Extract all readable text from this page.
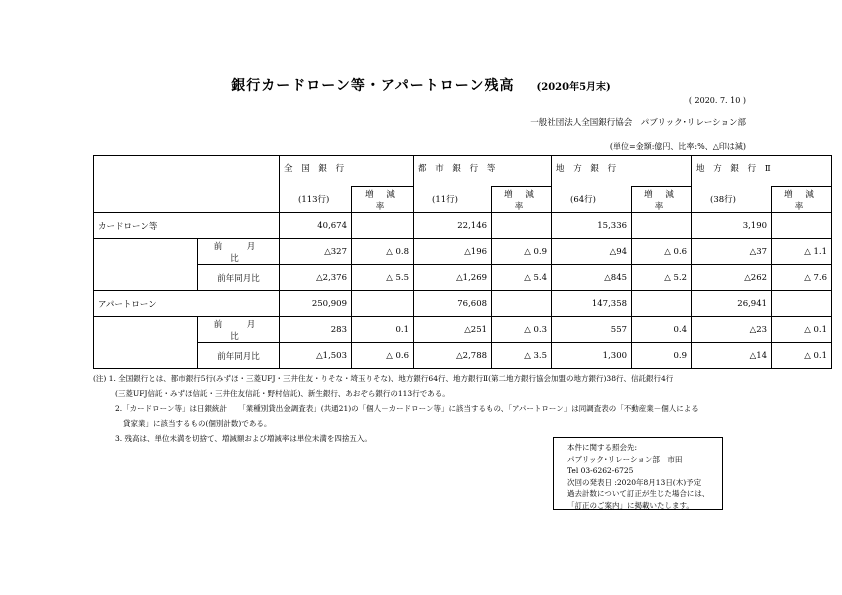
銀行カードローン等・アパートローン残高 (2020年5月末)
( 2020. 7. 10 )
一般社団法人全国銀行協会　パブリック･リレーション部
(単位=金額:億円、比率:%、△印は減)
		全 国 銀 行		都 市 銀 行 等		地 方 銀 行		地 方 銀 行 Ⅱ	
		(113行)	増 減 率	(11行)	増 減 率	(64行)	増 減 率	(38行)	増 減 率
カードローン等		40,674		22,146		15,336		3,190	
	前　月　比	△327	△ 0.8	△196	△ 0.9	△94	△ 0.6	△37	△ 1.1
	前年同月比	△2,376	△ 5.5	△1,269	△ 5.4	△845	△ 5.2	△262	△ 7.6
アパートローン		250,909		76,608		147,358		26,941	
	前　月　比	283	0.1	△251	△ 0.3	557	0.4	△23	△ 0.1
	前年同月比	△1,503	△ 0.6	△2,788	△ 3.5	1,300	0.9	△14	△ 0.1

(注) 1. 全国銀行とは、都市銀行5行(みずほ・三菱UFJ・三井住友・りそな・埼玉りそな)、地方銀行64行、地方銀行Ⅱ(第二地方銀行協会加盟の地方銀行)38行、信託銀行4行

(三菱UFJ信託・みずほ信託・三井住友信託・野村信託)、新生銀行、あおぞら銀行の113行である。

2.「カードローン等」は日銀統計　　「業種別貸出金調査表」(共通21)の「個人－カードローン等」に該当するもの、「アパートローン」は同調査表の「不動産業－個人による

貸家業」に該当するもの(個別計数)である。

3. 残高は、単位未満を切捨て、増減額および増減率は単位未満を四捨五入。

本件に関する照会先:

パブリック･リレーション部　市田

Tel 03-6262-6725

次回の発表日 :2020年8月13日(木)予定

過去計数について訂正が生じた場合には、

「訂正のご案内」に掲載いたします。
